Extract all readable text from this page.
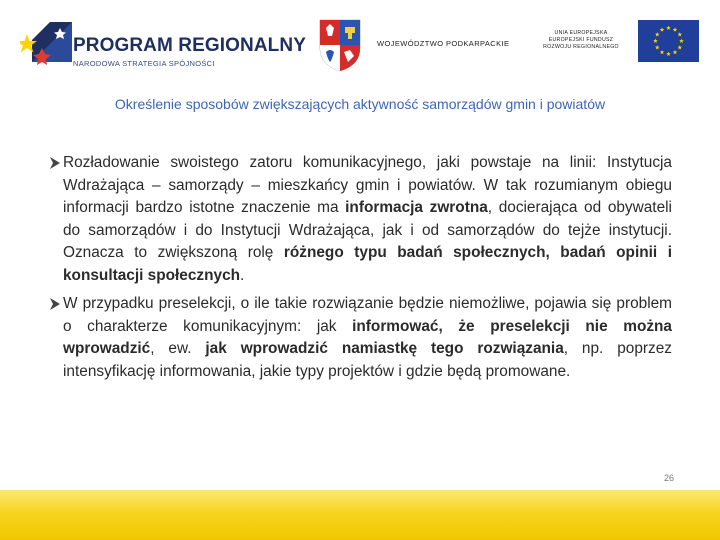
PROGRAM REGIONALNY
NARODOWA STRATEGIA SPÓJNOŚCI
WOJEWÓDZTWO PODKARPACKIE
UNIA EUROPEJSKA
EUROPEJSKI FUNDUSZ
ROZWOJU REGIONALNEGO
Określenie sposobów zwiększających aktywność samorządów gmin i powiatów
Rozładowanie swoistego zatoru komunikacyjnego, jaki powstaje na linii: Instytucja Wdrażająca – samorządy – mieszkańcy gmin i powiatów. W tak rozumianym obiegu informacji bardzo istotne znaczenie ma informacja zwrotna, docierająca od obywateli do samorządów i do Instytucji Wdrażająca, jak i od samorządów do tejże instytucji. Oznacza to zwiększoną rolę różnego typu badań społecznych, badań opinii i konsultacji społecznych.
W przypadku preselekcji, o ile takie rozwiązanie będzie niemożliwe, pojawia się problem o charakterze komunikacyjnym: jak informować, że preselekcji nie można wprowadzić, ew. jak wprowadzić namiastkę tego rozwiązania, np. poprzez intensyfikację informowania, jakie typy projektów i gdzie będą promowane.
26
